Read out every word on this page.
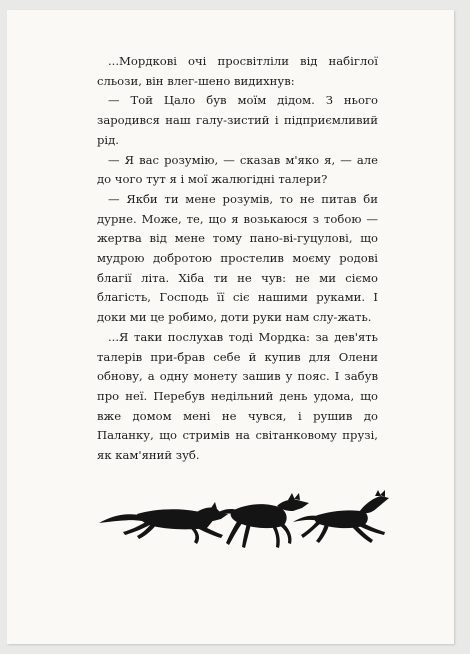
...Мордкові очі просвітліли від набіглої сльози, він влег-шено видихнув:

— Той Цало був моїм дідом. З нього зародився наш галу-зистий і підприємливий рід.

— Я вас розумію, — сказав м'яко я, — але до чого тут я і мої жалюгідні талери?

— Якби ти мене розумів, то не питав би дурне. Може, те, що я возькаюся з тобою — жертва від мене тому пано-ві-гуцулові, що мудрою добротою простелив моєму родові благії літа. Хіба ти не чув: не ми сіємо благість, Господь її сіє нашими руками. І доки ми це робимо, доти руки нам слу-жать.

...Я таки послухав тоді Мордка: за дев'ять талерів при-брав себе й купив для Олени обнову, а одну монету зашив у пояс. І забув про неї. Перебув недільний день удома, що вже домом мені не чувся, і рушив до Паланку, що стримів на світанковому прузі, як кам'яний зуб.
